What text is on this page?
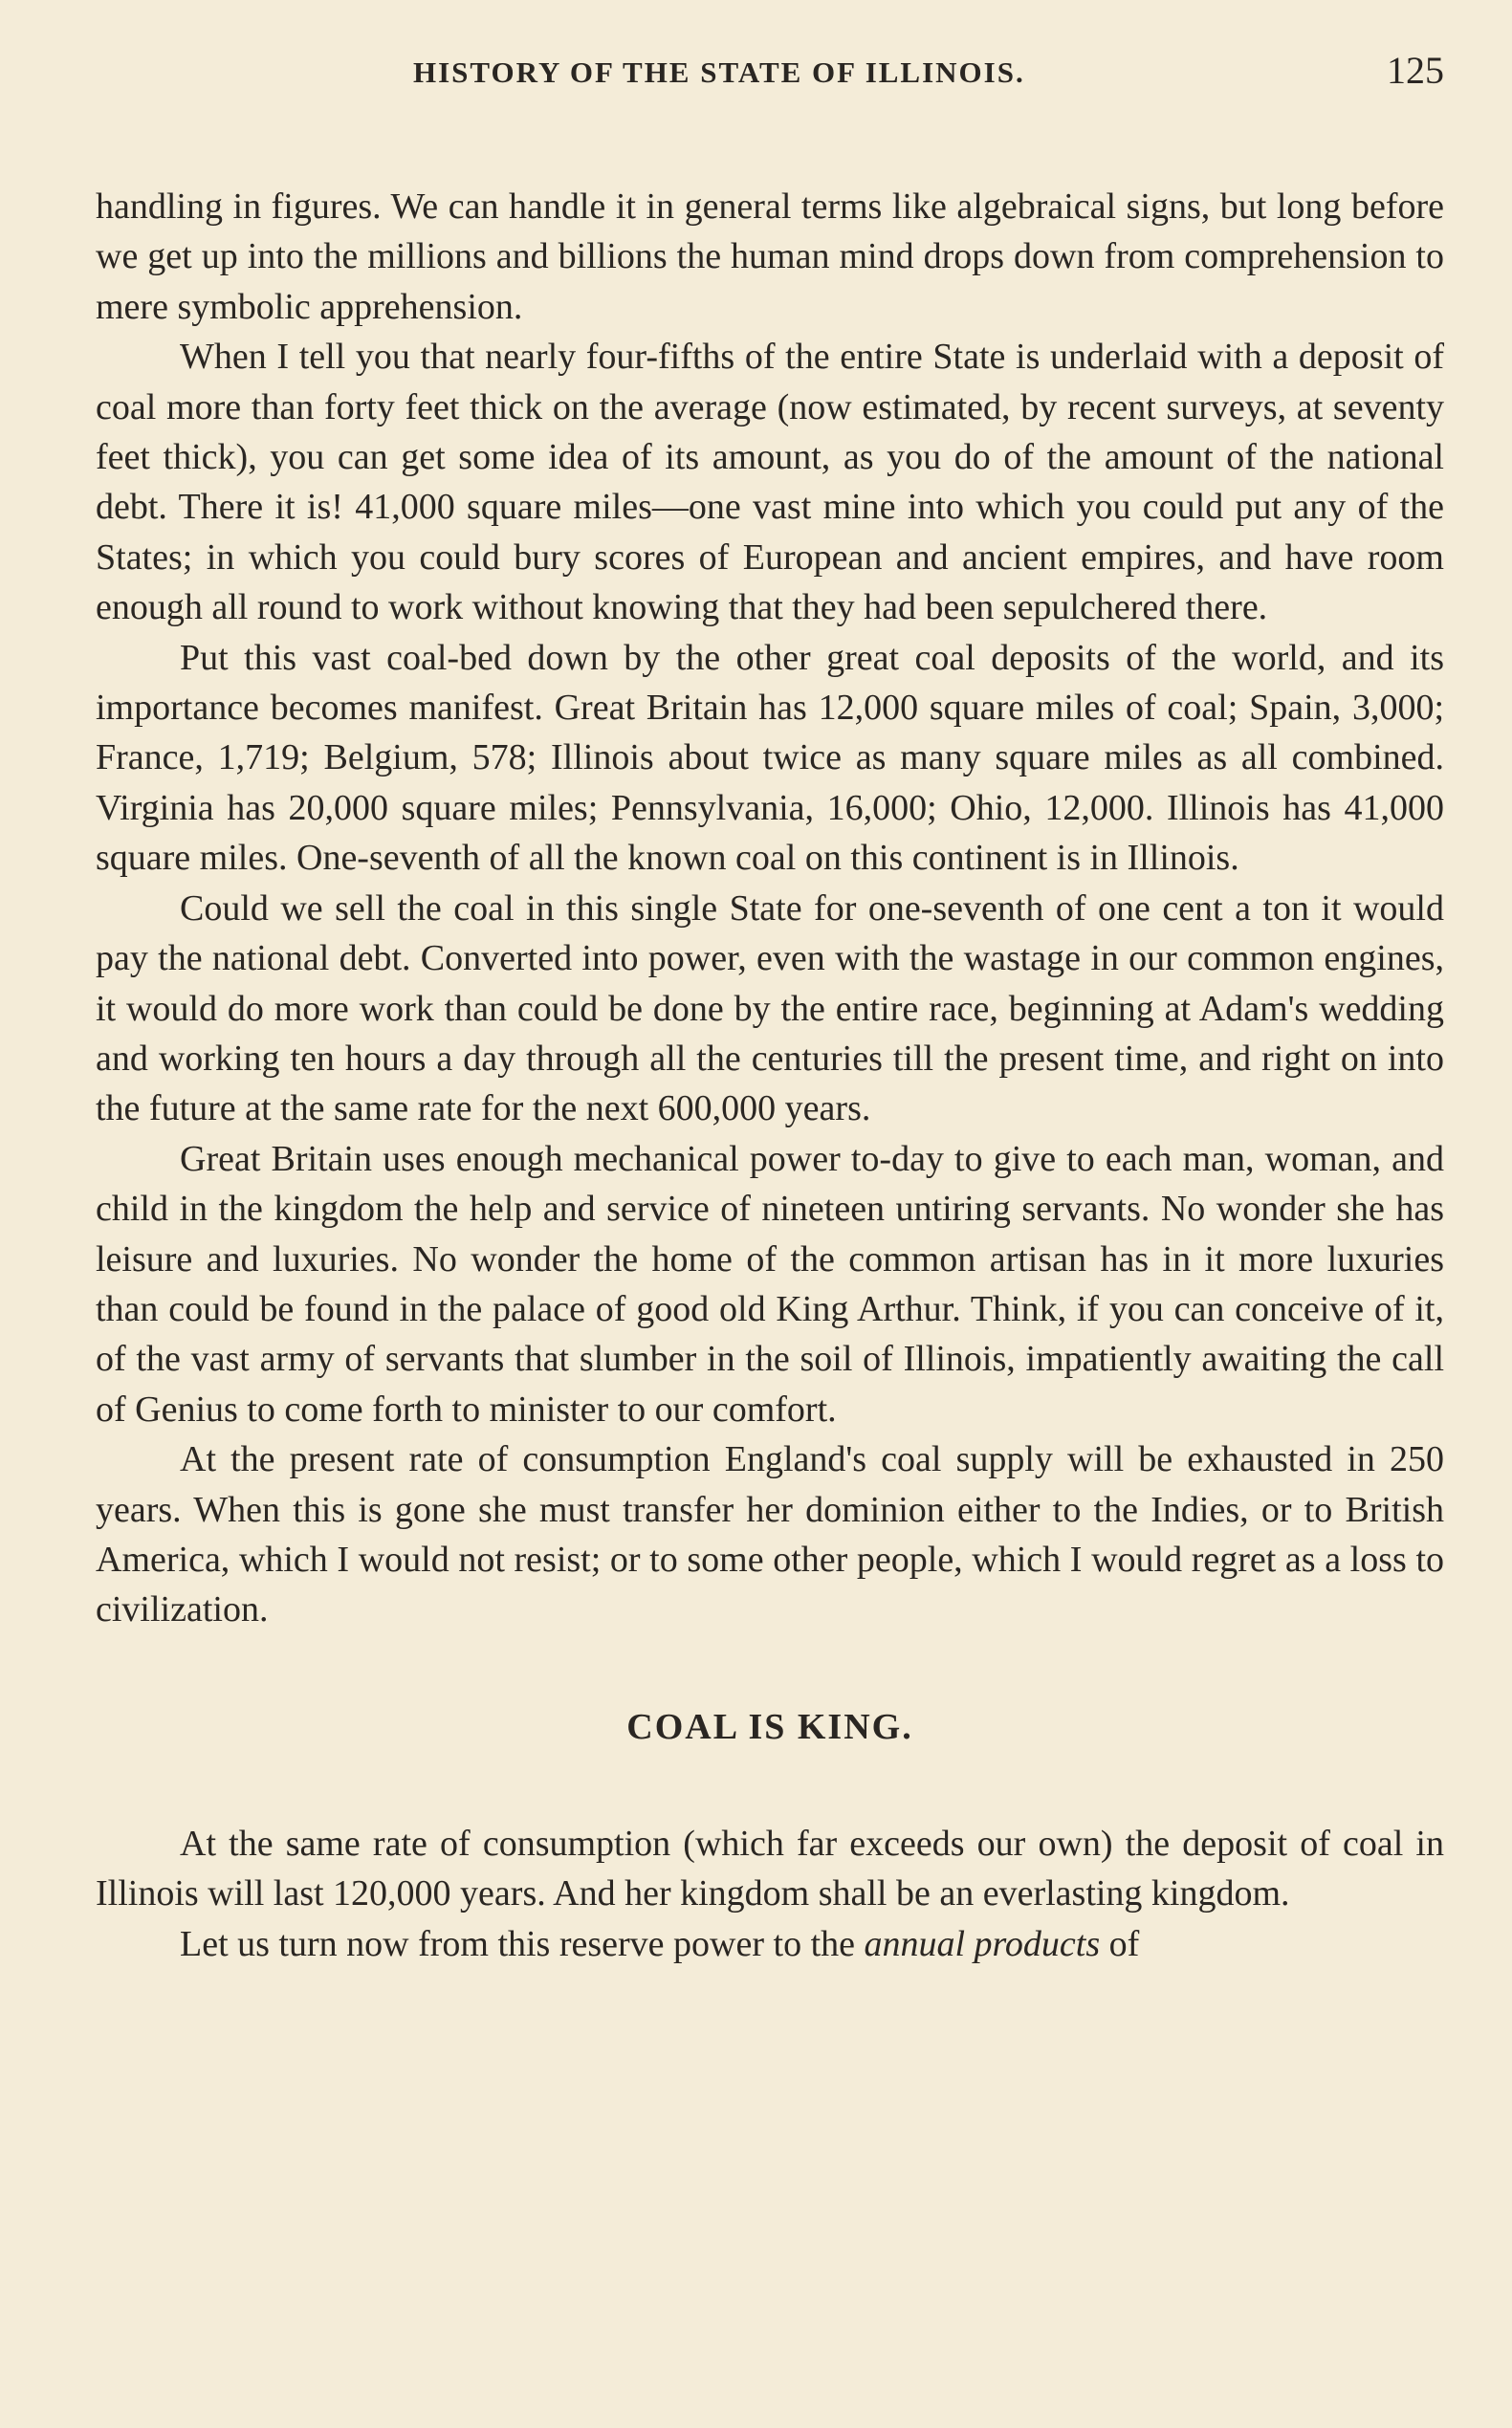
HISTORY OF THE STATE OF ILLINOIS.	125

handling in figures. We can handle it in general terms like algebraical signs, but long before we get up into the millions and billions the human mind drops down from comprehension to mere symbolic apprehension.

When I tell you that nearly four-fifths of the entire State is underlaid with a deposit of coal more than forty feet thick on the average (now estimated, by recent surveys, at seventy feet thick), you can get some idea of its amount, as you do of the amount of the national debt. There it is! 41,000 square miles—one vast mine into which you could put any of the States; in which you could bury scores of European and ancient empires, and have room enough all round to work without knowing that they had been sepulchered there.

Put this vast coal-bed down by the other great coal deposits of the world, and its importance becomes manifest. Great Britain has 12,000 square miles of coal; Spain, 3,000; France, 1,719; Belgium, 578; Illinois about twice as many square miles as all combined. Virginia has 20,000 square miles; Pennsylvania, 16,000; Ohio, 12,000. Illinois has 41,000 square miles. One-seventh of all the known coal on this continent is in Illinois.

Could we sell the coal in this single State for one-seventh of one cent a ton it would pay the national debt. Converted into power, even with the wastage in our common engines, it would do more work than could be done by the entire race, beginning at Adam's wedding and working ten hours a day through all the centuries till the present time, and right on into the future at the same rate for the next 600,000 years.

Great Britain uses enough mechanical power to-day to give to each man, woman, and child in the kingdom the help and service of nineteen untiring servants. No wonder she has leisure and luxuries. No wonder the home of the common artisan has in it more luxuries than could be found in the palace of good old King Arthur. Think, if you can conceive of it, of the vast army of servants that slumber in the soil of Illinois, impatiently awaiting the call of Genius to come forth to minister to our comfort.

At the present rate of consumption England's coal supply will be exhausted in 250 years. When this is gone she must transfer her dominion either to the Indies, or to British America, which I would not resist; or to some other people, which I would regret as a loss to civilization.

COAL IS KING.

At the same rate of consumption (which far exceeds our own) the deposit of coal in Illinois will last 120,000 years. And her kingdom shall be an everlasting kingdom.

Let us turn now from this reserve power to the annual products of
